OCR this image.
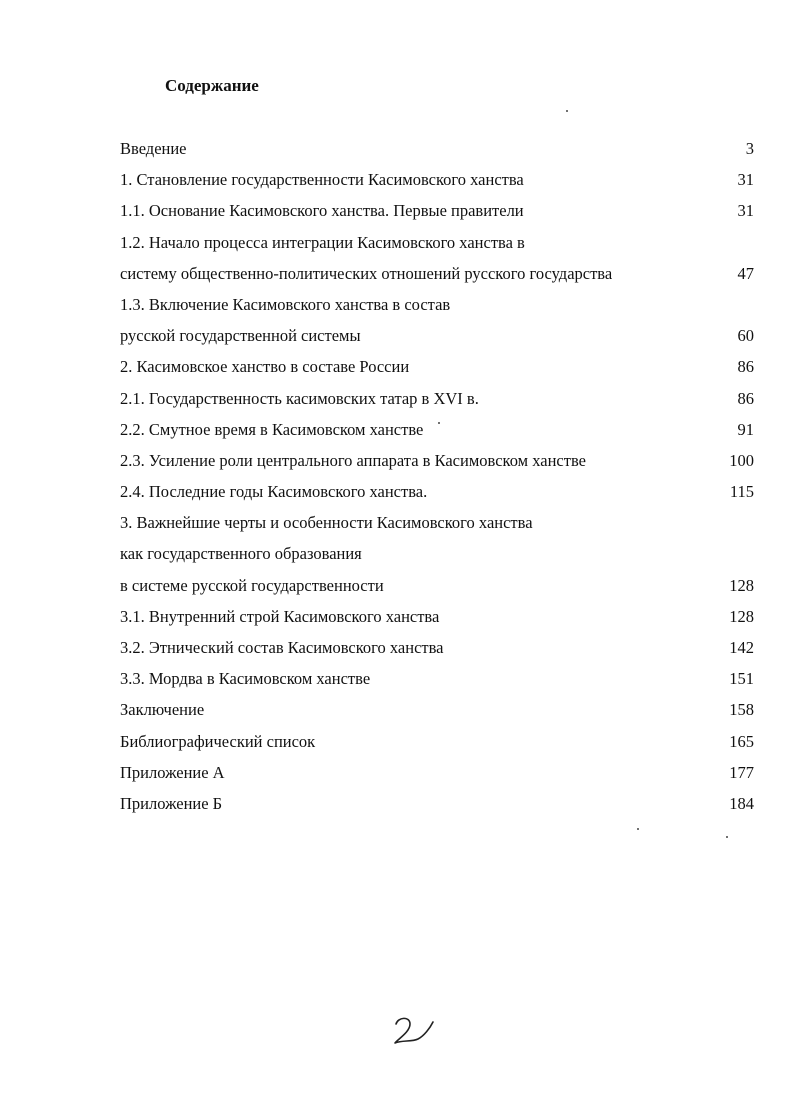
Содержание
Введение	3
1. Становление государственности Касимовского ханства	31
1.1. Основание Касимовского ханства. Первые правители	31
1.2. Начало процесса интеграции Касимовского ханства в
систему общественно-политических отношений русского государства	47
1.3. Включение Касимовского ханства в состав
русской государственной системы	60
2. Касимовское ханство в составе России	86
2.1. Государственность касимовских татар в XVI в.	86
2.2. Смутное время в Касимовском ханстве	91
2.3. Усиление роли центрального аппарата в Касимовском ханстве	100
2.4. Последние годы Касимовского ханства.	115
3. Важнейшие черты и особенности Касимовского ханства
как государственного образования
в системе русской государственности	128
3.1. Внутренний строй Касимовского ханства	128
3.2. Этнический состав Касимовского ханства	142
3.3. Мордва в Касимовском ханстве	151
Заключение	158
Библиографический список	165
Приложение А	177
Приложение Б	184
